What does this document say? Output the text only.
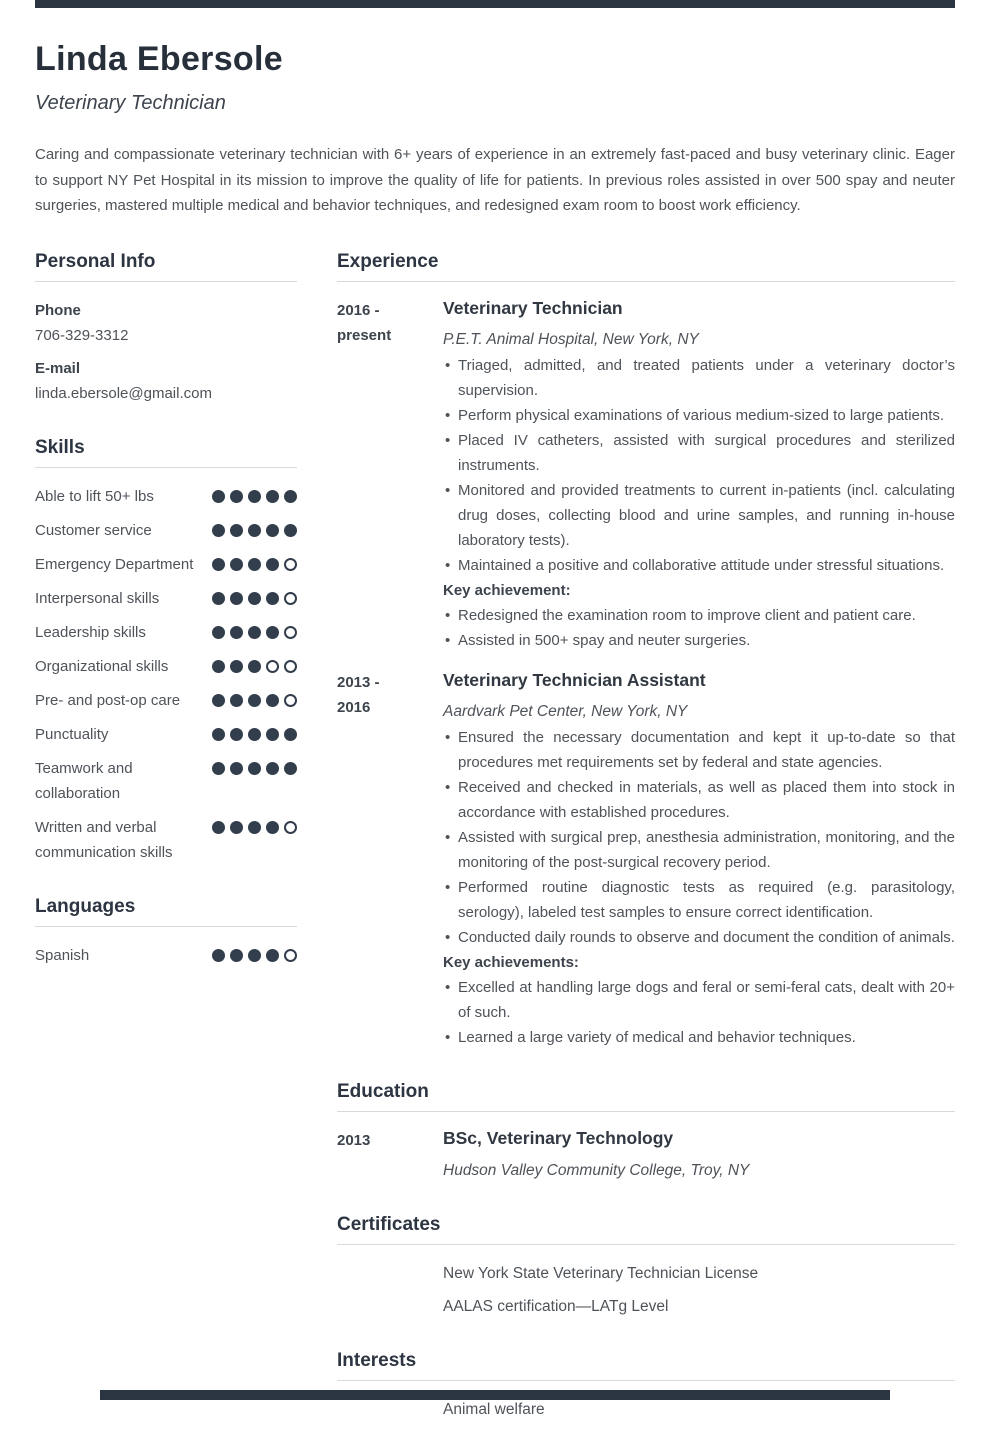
Linda Ebersole
Veterinary Technician

Caring and compassionate veterinary technician with 6+ years of experience in an extremely fast-paced and busy veterinary clinic. Eager to support NY Pet Hospital in its mission to improve the quality of life for patients. In previous roles assisted in over 500 spay and neuter surgeries, mastered multiple medical and behavior techniques, and redesigned exam room to boost work efficiency.

Personal Info
Phone
706-329-3312
E-mail
linda.ebersole@gmail.com
Skills
Able to lift 50+ lbs
Customer service
Emergency Department
Interpersonal skills
Leadership skills
Organizational skills
Pre- and post-op care
Punctuality
Teamwork and collaboration
Written and verbal communication skills
Languages
Spanish
Experience
2016 -
present
Veterinary Technician
P.E.T. Animal Hospital, New York, NY
• Triaged, admitted, and treated patients under a veterinary doctor’s supervision.
• Perform physical examinations of various medium-sized to large patients.
• Placed IV catheters, assisted with surgical procedures and sterilized instruments.
• Monitored and provided treatments to current in-patients (incl. calculating drug doses, collecting blood and urine samples, and running in-house laboratory tests).
• Maintained a positive and collaborative attitude under stressful situations.
Key achievement:
• Redesigned the examination room to improve client and patient care.
• Assisted in 500+ spay and neuter surgeries.
2013 -
2016
Veterinary Technician Assistant
Aardvark Pet Center, New York, NY
• Ensured the necessary documentation and kept it up-to-date so that procedures met requirements set by federal and state agencies.
• Received and checked in materials, as well as placed them into stock in accordance with established procedures.
• Assisted with surgical prep, anesthesia administration, monitoring, and the monitoring of the post-surgical recovery period.
• Performed routine diagnostic tests as required (e.g. parasitology, serology), labeled test samples to ensure correct identification.
• Conducted daily rounds to observe and document the condition of animals.
Key achievements:
• Excelled at handling large dogs and feral or semi-feral cats, dealt with 20+ of such.
• Learned a large variety of medical and behavior techniques.
Education
2013	BSc, Veterinary Technology
Hudson Valley Community College, Troy, NY
Certificates
New York State Veterinary Technician License
AALAS certification—LATg Level
Interests
Animal welfare
